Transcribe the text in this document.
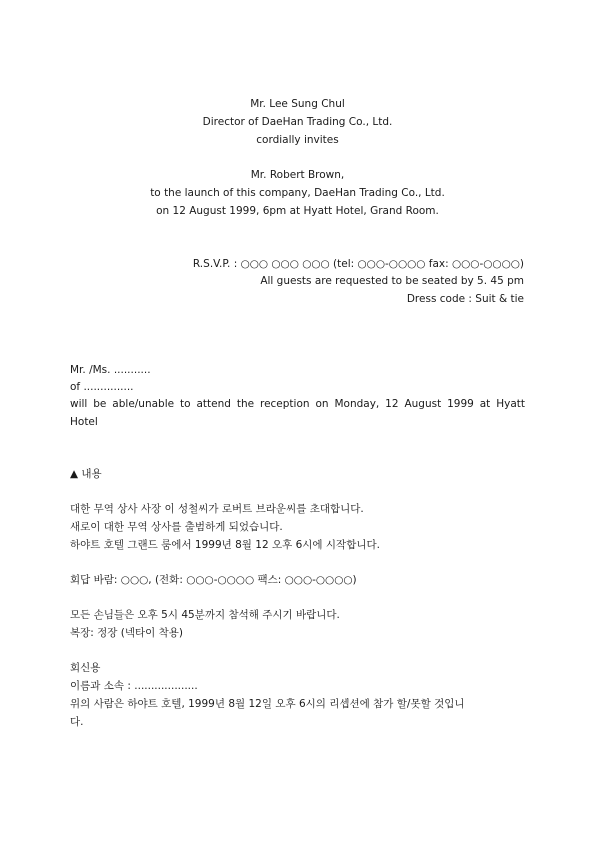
Mr. Lee Sung Chul
Director of DaeHan Trading Co., Ltd.
cordially invites
Mr. Robert Brown,
to the launch of this company, DaeHan Trading Co., Ltd.
on 12 August 1999, 6pm at Hyatt Hotel, Grand Room.
R.S.V.P. : ○○○ ○○○ ○○○ (tel: ○○○-○○○○ fax: ○○○-○○○○)
All guests are requested to be seated by 5. 45 pm
Dress code : Suit & tie
Mr. /Ms. ...........
of ...............
will be able/unable to attend the reception on Monday, 12 August 1999 at Hyatt
Hotel
▲ 내용
대한 무역 상사 사장 이 성철씨가 로버트 브라운씨를 초대합니다.
새로이 대한 무역 상사를 출범하게 되었습니다.
하야트 호텔 그랜드 룸에서 1999년 8월 12 오후 6시에 시작합니다.
회답 바람: ○○○, (전화: ○○○-○○○○ 팩스: ○○○-○○○○)
모든 손님들은 오후 5시 45분까지 참석해 주시기 바랍니다.
복장: 정장 (넥타이 착용)
회신용
이름과 소속 : ...................
위의 사람은 하야트 호텔, 1999년 8월 12일 오후 6시의 리셉션에 참가 할/못할 것입니
다.
